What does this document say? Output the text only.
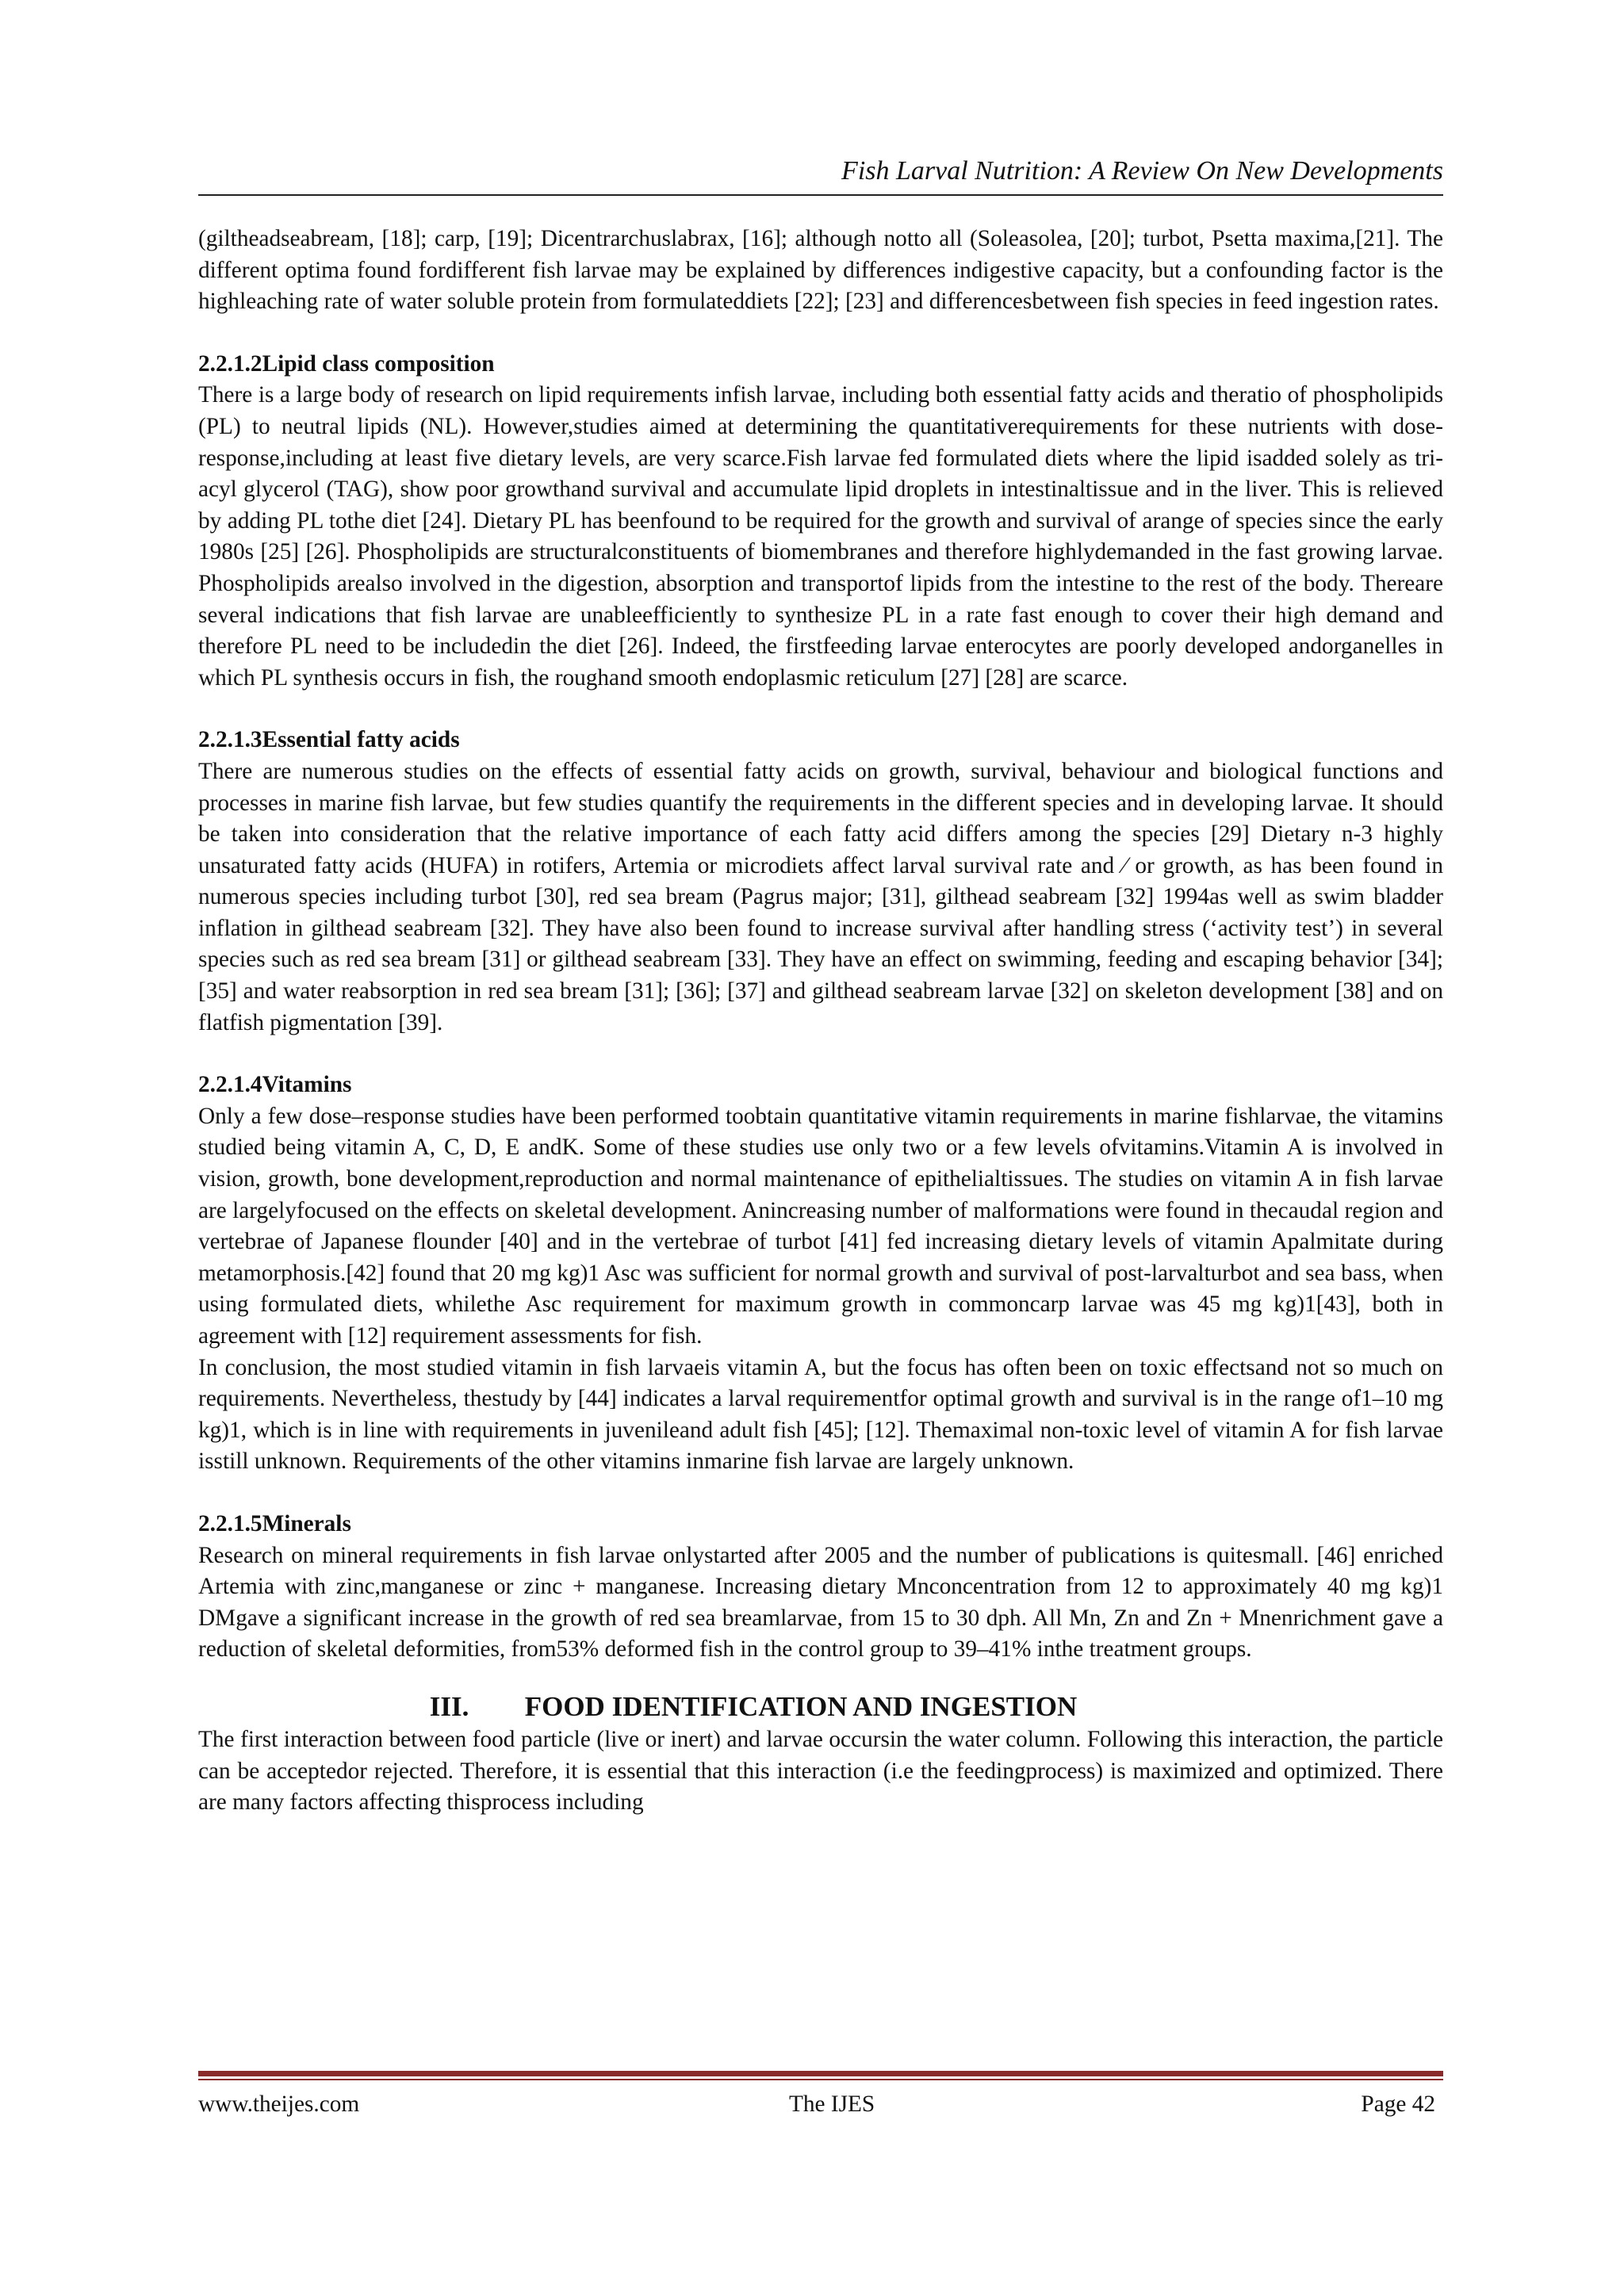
Fish Larval Nutrition: A Review On New Developments

(giltheadseabream, [18]; carp, [19]; Dicentrarchuslabrax, [16]; although notto all (Soleasolea, [20]; turbot, Psetta maxima,[21]. The different optima found fordifferent fish larvae may be explained by differences indigestive capacity, but a confounding factor is the highleaching rate of water soluble protein from formulateddiets [22]; [23] and differencesbetween fish species in feed ingestion rates.

2.2.1.2Lipid class composition

There is a large body of research on lipid requirements infish larvae, including both essential fatty acids and theratio of phospholipids (PL) to neutral lipids (NL). However,studies aimed at determining the quantitativerequirements for these nutrients with dose-response,including at least five dietary levels, are very scarce.Fish larvae fed formulated diets where the lipid isadded solely as tri-acyl glycerol (TAG), show poor growthand survival and accumulate lipid droplets in intestinaltissue and in the liver. This is relieved by adding PL tothe diet [24]. Dietary PL has beenfound to be required for the growth and survival of arange of species since the early 1980s [25] [26]. Phospholipids are structuralconstituents of biomembranes and therefore highlydemanded in the fast growing larvae. Phospholipids arealso involved in the digestion, absorption and transportof lipids from the intestine to the rest of the body. Thereare several indications that fish larvae are unableefficiently to synthesize PL in a rate fast enough to cover their high demand and therefore PL need to be includedin the diet [26]. Indeed, the firstfeeding larvae enterocytes are poorly developed andorganelles in which PL synthesis occurs in fish, the roughand smooth endoplasmic reticulum [27] [28] are scarce.

2.2.1.3Essential fatty acids

There are numerous studies on the effects of essential fatty acids on growth, survival, behaviour and biological functions and processes in marine fish larvae, but few studies quantify the requirements in the different species and in developing larvae. It should be taken into consideration that the relative importance of each fatty acid differs among the species [29] Dietary n-3 highly unsaturated fatty acids (HUFA) in rotifers, Artemia or microdiets affect larval survival rate and ⁄ or growth, as has been found in numerous species including turbot [30], red sea bream (Pagrus major; [31], gilthead seabream [32] 1994as well as swim bladder inflation in gilthead seabream [32]. They have also been found to increase survival after handling stress (‘activity test’) in several species such as red sea bream [31] or gilthead seabream [33]. They have an effect on swimming, feeding and escaping behavior [34]; [35] and water reabsorption in red sea bream [31]; [36]; [37] and gilthead seabream larvae [32] on skeleton development [38] and on flatfish pigmentation [39].

2.2.1.4Vitamins

Only a few dose–response studies have been performed toobtain quantitative vitamin requirements in marine fishlarvae, the vitamins studied being vitamin A, C, D, E andK. Some of these studies use only two or a few levels ofvitamins.Vitamin A is involved in vision, growth, bone development,reproduction and normal maintenance of epithelialtissues. The studies on vitamin A in fish larvae are largelyfocused on the effects on skeletal development. Anincreasing number of malformations were found in thecaudal region and vertebrae of Japanese flounder [40] and in the vertebrae of turbot [41] fed increasing dietary levels of vitamin Apalmitate during metamorphosis.[42] found that 20 mg kg)1 Asc was sufficient for normal growth and survival of post-larvalturbot and sea bass, when using formulated diets, whilethe Asc requirement for maximum growth in commoncarp larvae was 45 mg kg)1[43], both in agreement with [12] requirement assessments for fish.

In conclusion, the most studied vitamin in fish larvaeis vitamin A, but the focus has often been on toxic effectsand not so much on requirements. Nevertheless, thestudy by [44] indicates a larval requirementfor optimal growth and survival is in the range of1–10 mg kg)1, which is in line with requirements in juvenileand adult fish [45]; [12]. Themaximal non-toxic level of vitamin A for fish larvae isstill unknown. Requirements of the other vitamins inmarine fish larvae are largely unknown.

2.2.1.5Minerals

Research on mineral requirements in fish larvae onlystarted after 2005 and the number of publications is quitesmall. [46] enriched Artemia with zinc,manganese or zinc + manganese. Increasing dietary Mnconcentration from 12 to approximately 40 mg kg)1 DMgave a significant increase in the growth of red sea breamlarvae, from 15 to 30 dph. All Mn, Zn and Zn + Mnenrichment gave a reduction of skeletal deformities, from53% deformed fish in the control group to 39–41% inthe treatment groups.

III. FOOD IDENTIFICATION AND INGESTION

The first interaction between food particle (live or inert) and larvae occursin the water column. Following this interaction, the particle can be acceptedor rejected. Therefore, it is essential that this interaction (i.e the feedingprocess) is maximized and optimized. There are many factors affecting thisprocess including

www.theijes.com	The IJES	Page 42
